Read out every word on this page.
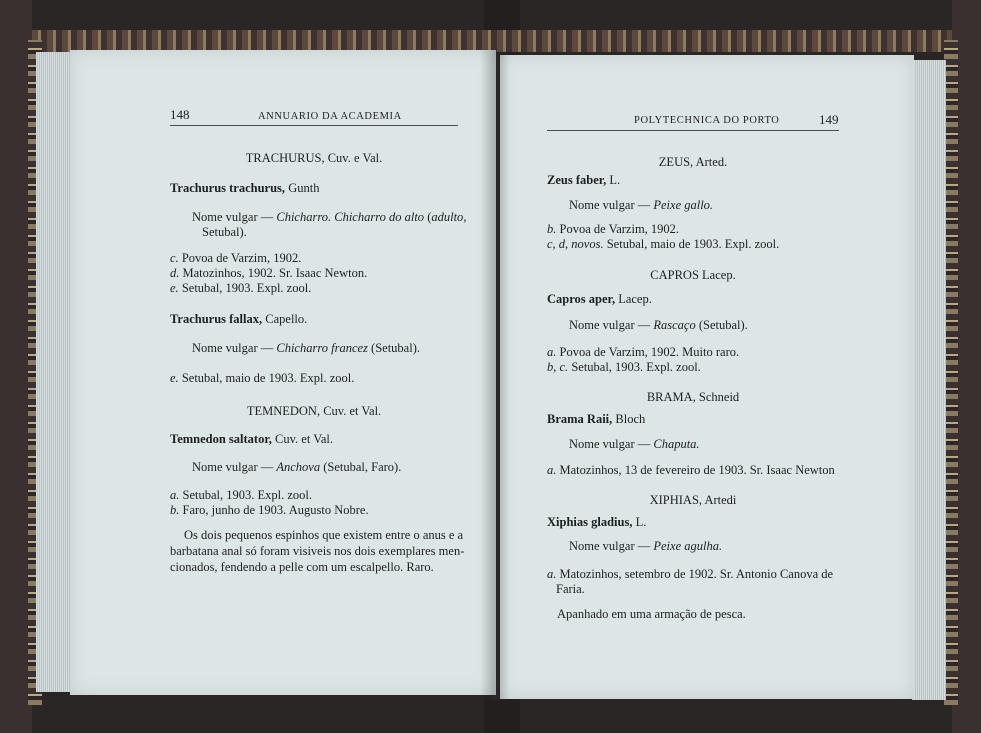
148	ANNUARIO DA ACADEMIA
TRACHURUS, Cuv. e Val.
Trachurus trachurus, Gunth
Nome vulgar — Chicharro. Chicharro do alto (adulto,
Setubal).
c. Povoa de Varzim, 1902.
d. Matozinhos, 1902. Sr. Isaac Newton.
e. Setubal, 1903. Expl. zool.
Trachurus fallax, Capello.
Nome vulgar — Chicharro francez (Setubal).
e. Setubal, maio de 1903. Expl. zool.
TEMNEDON, Cuv. et Val.
Temnedon saltator, Cuv. et Val.
Nome vulgar — Anchova (Setubal, Faro).
a. Setubal, 1903. Expl. zool.
b. Faro, junho de 1903. Augusto Nobre.
Os dois pequenos espinhos que existem entre o anus e a
barbatana anal só foram visiveis nos dois exemplares men-
cionados, fendendo a pelle com um escalpello. Raro.
POLYTECHNICA DO PORTO	149
ZEUS, Arted.
Zeus faber, L.
Nome vulgar — Peixe gallo.
b. Povoa de Varzim, 1902.
c, d, novos. Setubal, maio de 1903. Expl. zool.
CAPROS Lacep.
Capros aper, Lacep.
Nome vulgar — Rascaço (Setubal).
a. Povoa de Varzim, 1902. Muito raro.
b, c. Setubal, 1903. Expl. zool.
BRAMA, Schneid
Brama Raii, Bloch
Nome vulgar — Chaputa.
a. Matozinhos, 13 de fevereiro de 1903. Sr. Isaac Newton
XIPHIAS, Artedi
Xiphias gladius, L.
Nome vulgar — Peixe agulha.
a. Matozinhos, setembro de 1902. Sr. Antonio Canova de
Faria.
Apanhado em uma armação de pesca.
